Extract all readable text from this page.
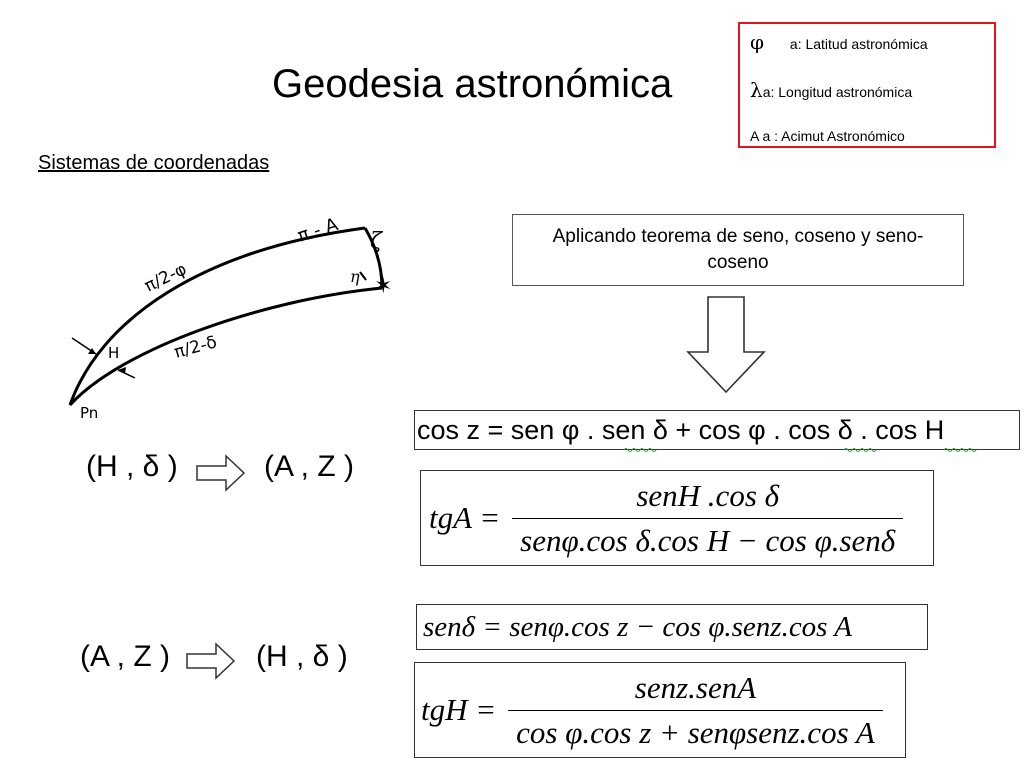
Geodesia astronómica
Sistemas de coordenadas
φ a: Latitud astronómica
λa: Longitud astronómica
A a : Acimut Astronómico
Aplicando teorema de seno, coseno y seno-coseno
✶
π - A ζ
η
π/2-φ
π/2-δ
H
Pn
(H , δ )	(A , Z )
(A , Z )	(H , δ )
cos z = sen φ . sen δ + cos φ . cos δ . cos H
tgA = $\frac{\text{senH .cos δ}}{\text{senφ.cos δ.cos H − cos φ.senδ}}$
senδ = senφ.cos z − cos φ.senz.cos A
tgH = $\frac{\text{senz.senA}}{\text{cos φ.cos z + senφsenz.cos A}}$
